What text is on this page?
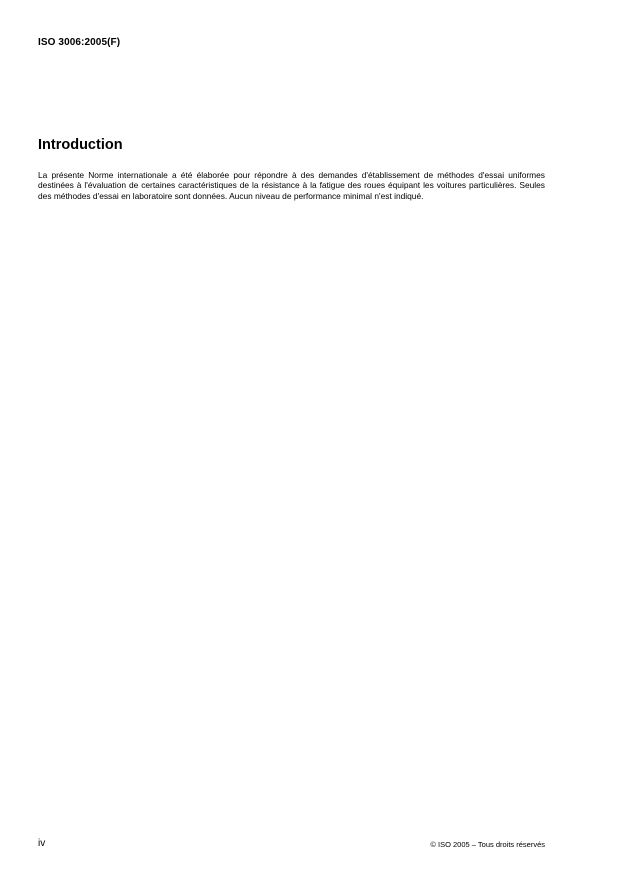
ISO 3006:2005(F)
Introduction

La présente Norme internationale a été élaborée pour répondre à des demandes d'établissement de méthodes d'essai uniformes destinées à l'évaluation de certaines caractéristiques de la résistance à la fatigue des roues équipant les voitures particulières. Seules des méthodes d'essai en laboratoire sont données. Aucun niveau de performance minimal n'est indiqué.

iv	© ISO 2005 – Tous droits réservés
